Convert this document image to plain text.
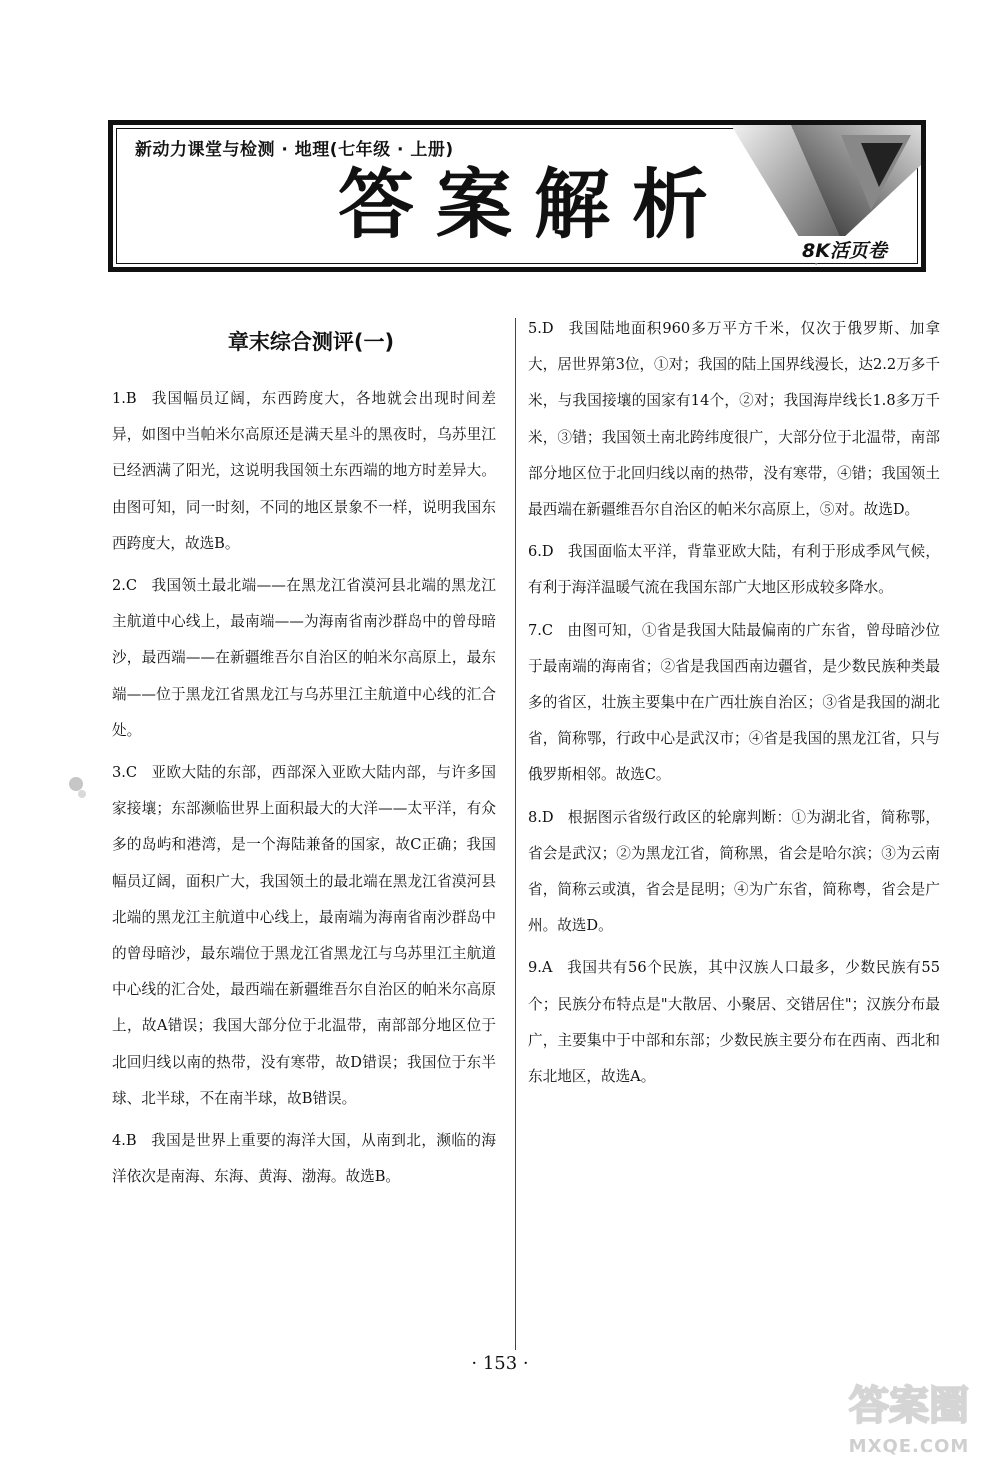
新动力课堂与检测 · 地理(七年级 · 上册)
答案解析
8K活页卷
章末综合测评(一)

1.B 我国幅员辽阔，东西跨度大，各地就会出现时间差异，如图中当帕米尔高原还是满天星斗的黑夜时，乌苏里江已经洒满了阳光，这说明我国领土东西端的地方时差异大。由图可知，同一时刻，不同的地区景象不一样，说明我国东西跨度大，故选B。

2.C 我国领土最北端——在黑龙江省漠河县北端的黑龙江主航道中心线上，最南端——为海南省南沙群岛中的曾母暗沙，最西端——在新疆维吾尔自治区的帕米尔高原上，最东端——位于黑龙江省黑龙江与乌苏里江主航道中心线的汇合处。

3.C 亚欧大陆的东部，西部深入亚欧大陆内部，与许多国家接壤；东部濒临世界上面积最大的大洋——太平洋，有众多的岛屿和港湾，是一个海陆兼备的国家，故C正确；我国幅员辽阔，面积广大，我国领土的最北端在黑龙江省漠河县北端的黑龙江主航道中心线上，最南端为海南省南沙群岛中的曾母暗沙，最东端位于黑龙江省黑龙江与乌苏里江主航道中心线的汇合处，最西端在新疆维吾尔自治区的帕米尔高原上，故A错误；我国大部分位于北温带，南部部分地区位于北回归线以南的热带，没有寒带，故D错误；我国位于东半球、北半球，不在南半球，故B错误。

4.B 我国是世界上重要的海洋大国，从南到北，濒临的海洋依次是南海、东海、黄海、渤海。故选B。

5.D 我国陆地面积960多万平方千米，仅次于俄罗斯、加拿大，居世界第3位，①对；我国的陆上国界线漫长，达2.2万多千米，与我国接壤的国家有14个，②对；我国海岸线长1.8多万千米，③错；我国领土南北跨纬度很广，大部分位于北温带，南部部分地区位于北回归线以南的热带，没有寒带，④错；我国领土最西端在新疆维吾尔自治区的帕米尔高原上，⑤对。故选D。

6.D 我国面临太平洋，背靠亚欧大陆，有利于形成季风气候，有利于海洋温暖气流在我国东部广大地区形成较多降水。

7.C 由图可知，①省是我国大陆最偏南的广东省，曾母暗沙位于最南端的海南省；②省是我国西南边疆省，是少数民族种类最多的省区，壮族主要集中在广西壮族自治区；③省是我国的湖北省，简称鄂，行政中心是武汉市；④省是我国的黑龙江省，只与俄罗斯相邻。故选C。

8.D 根据图示省级行政区的轮廓判断：①为湖北省，简称鄂，省会是武汉；②为黑龙江省，简称黑，省会是哈尔滨；③为云南省，简称云或滇，省会是昆明；④为广东省，简称粤，省会是广州。故选D。

9.A 我国共有56个民族，其中汉族人口最多，少数民族有55个；民族分布特点是"大散居、小聚居、交错居住"；汉族分布最广，主要集中于中部和东部；少数民族主要分布在西南、西北和东北地区，故选A。

· 153 ·
答案圈
MXQE.COM
